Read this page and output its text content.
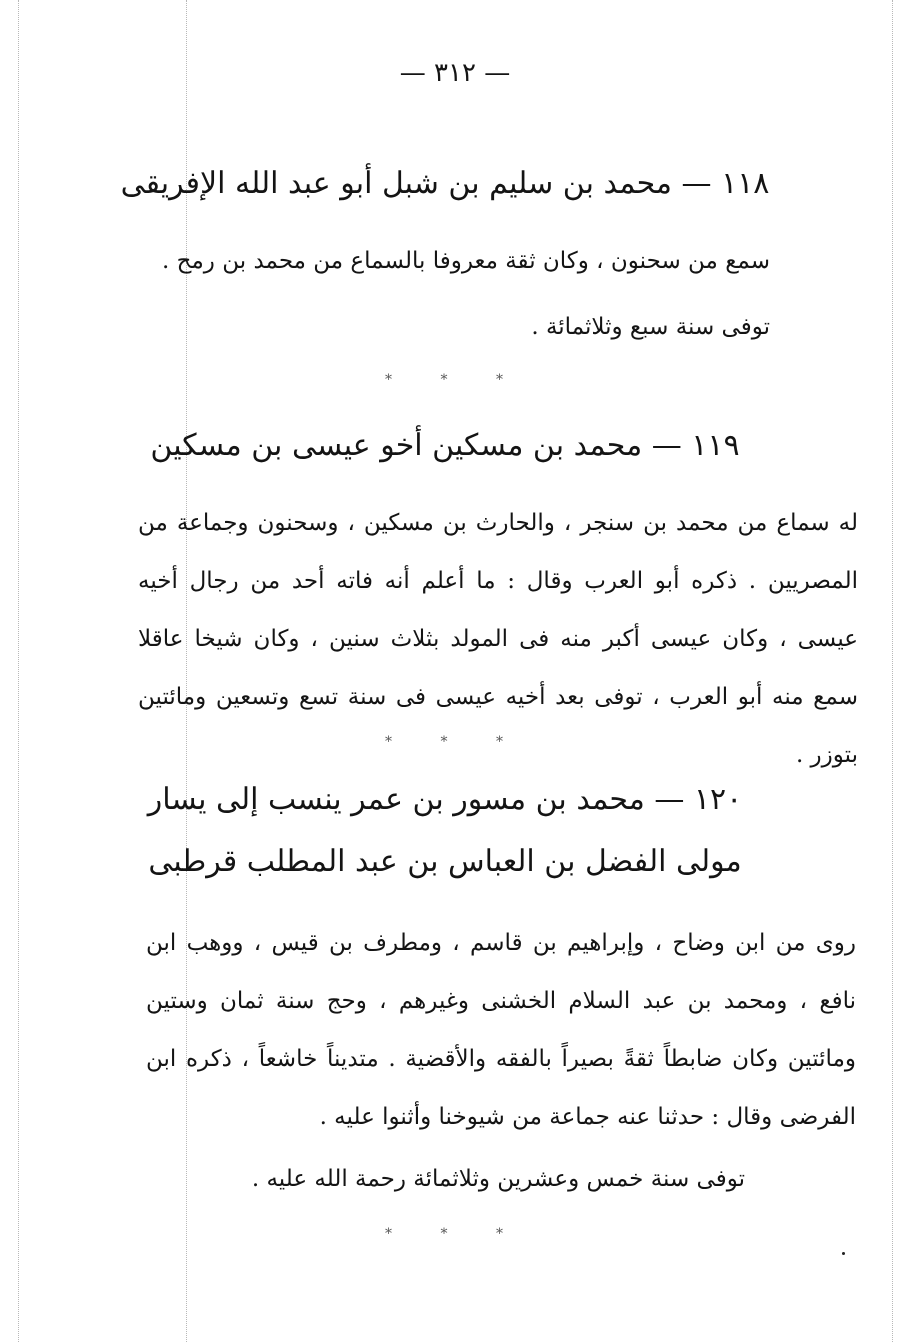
— ٣١٢ —
١١٨ — محمد بن سليم بن شبل أبو عبد الله الإفريقى
سمع من سحنون ، وكان ثقة معروفا بالسماع من محمد بن رمح .
توفى سنة سبع وثلاثمائة .
* * *
١١٩ — محمد بن مسكين أخو عيسى بن مسكين
له سماع من محمد بن سنجر ، والحارث بن مسكين ، وسحنون وجماعة من المصريين . ذكره أبو العرب وقال : ما أعلم أنه فاته أحد من رجال أخيه عيسى ، وكان عيسى أكبر منه فى المولد بثلاث سنين ، وكان شيخا عاقلا سمع منه أبو العرب ، توفى بعد أخيه عيسى فى سنة تسع وتسعين ومائتين بتوزر .
* * *
١٢٠ — محمد بن مسور بن عمر ينسب إلى يسار
مولى الفضل بن العباس بن عبد المطلب قرطبى
روى من ابن وضاح ، وإبراهيم بن قاسم ، ومطرف بن قيس ، ووهب ابن نافع ، ومحمد بن عبد السلام الخشنى وغيرهم ، وحج سنة ثمان وستين ومائتين وكان ضابطاً ثقةً بصيراً بالفقه والأقضية . متديناً خاشعاً ، ذكره ابن الفرضى وقال : حدثنا عنه جماعة من شيوخنا وأثنوا عليه .
توفى سنة خمس وعشرين وثلاثمائة رحمة الله عليه .
* * *
